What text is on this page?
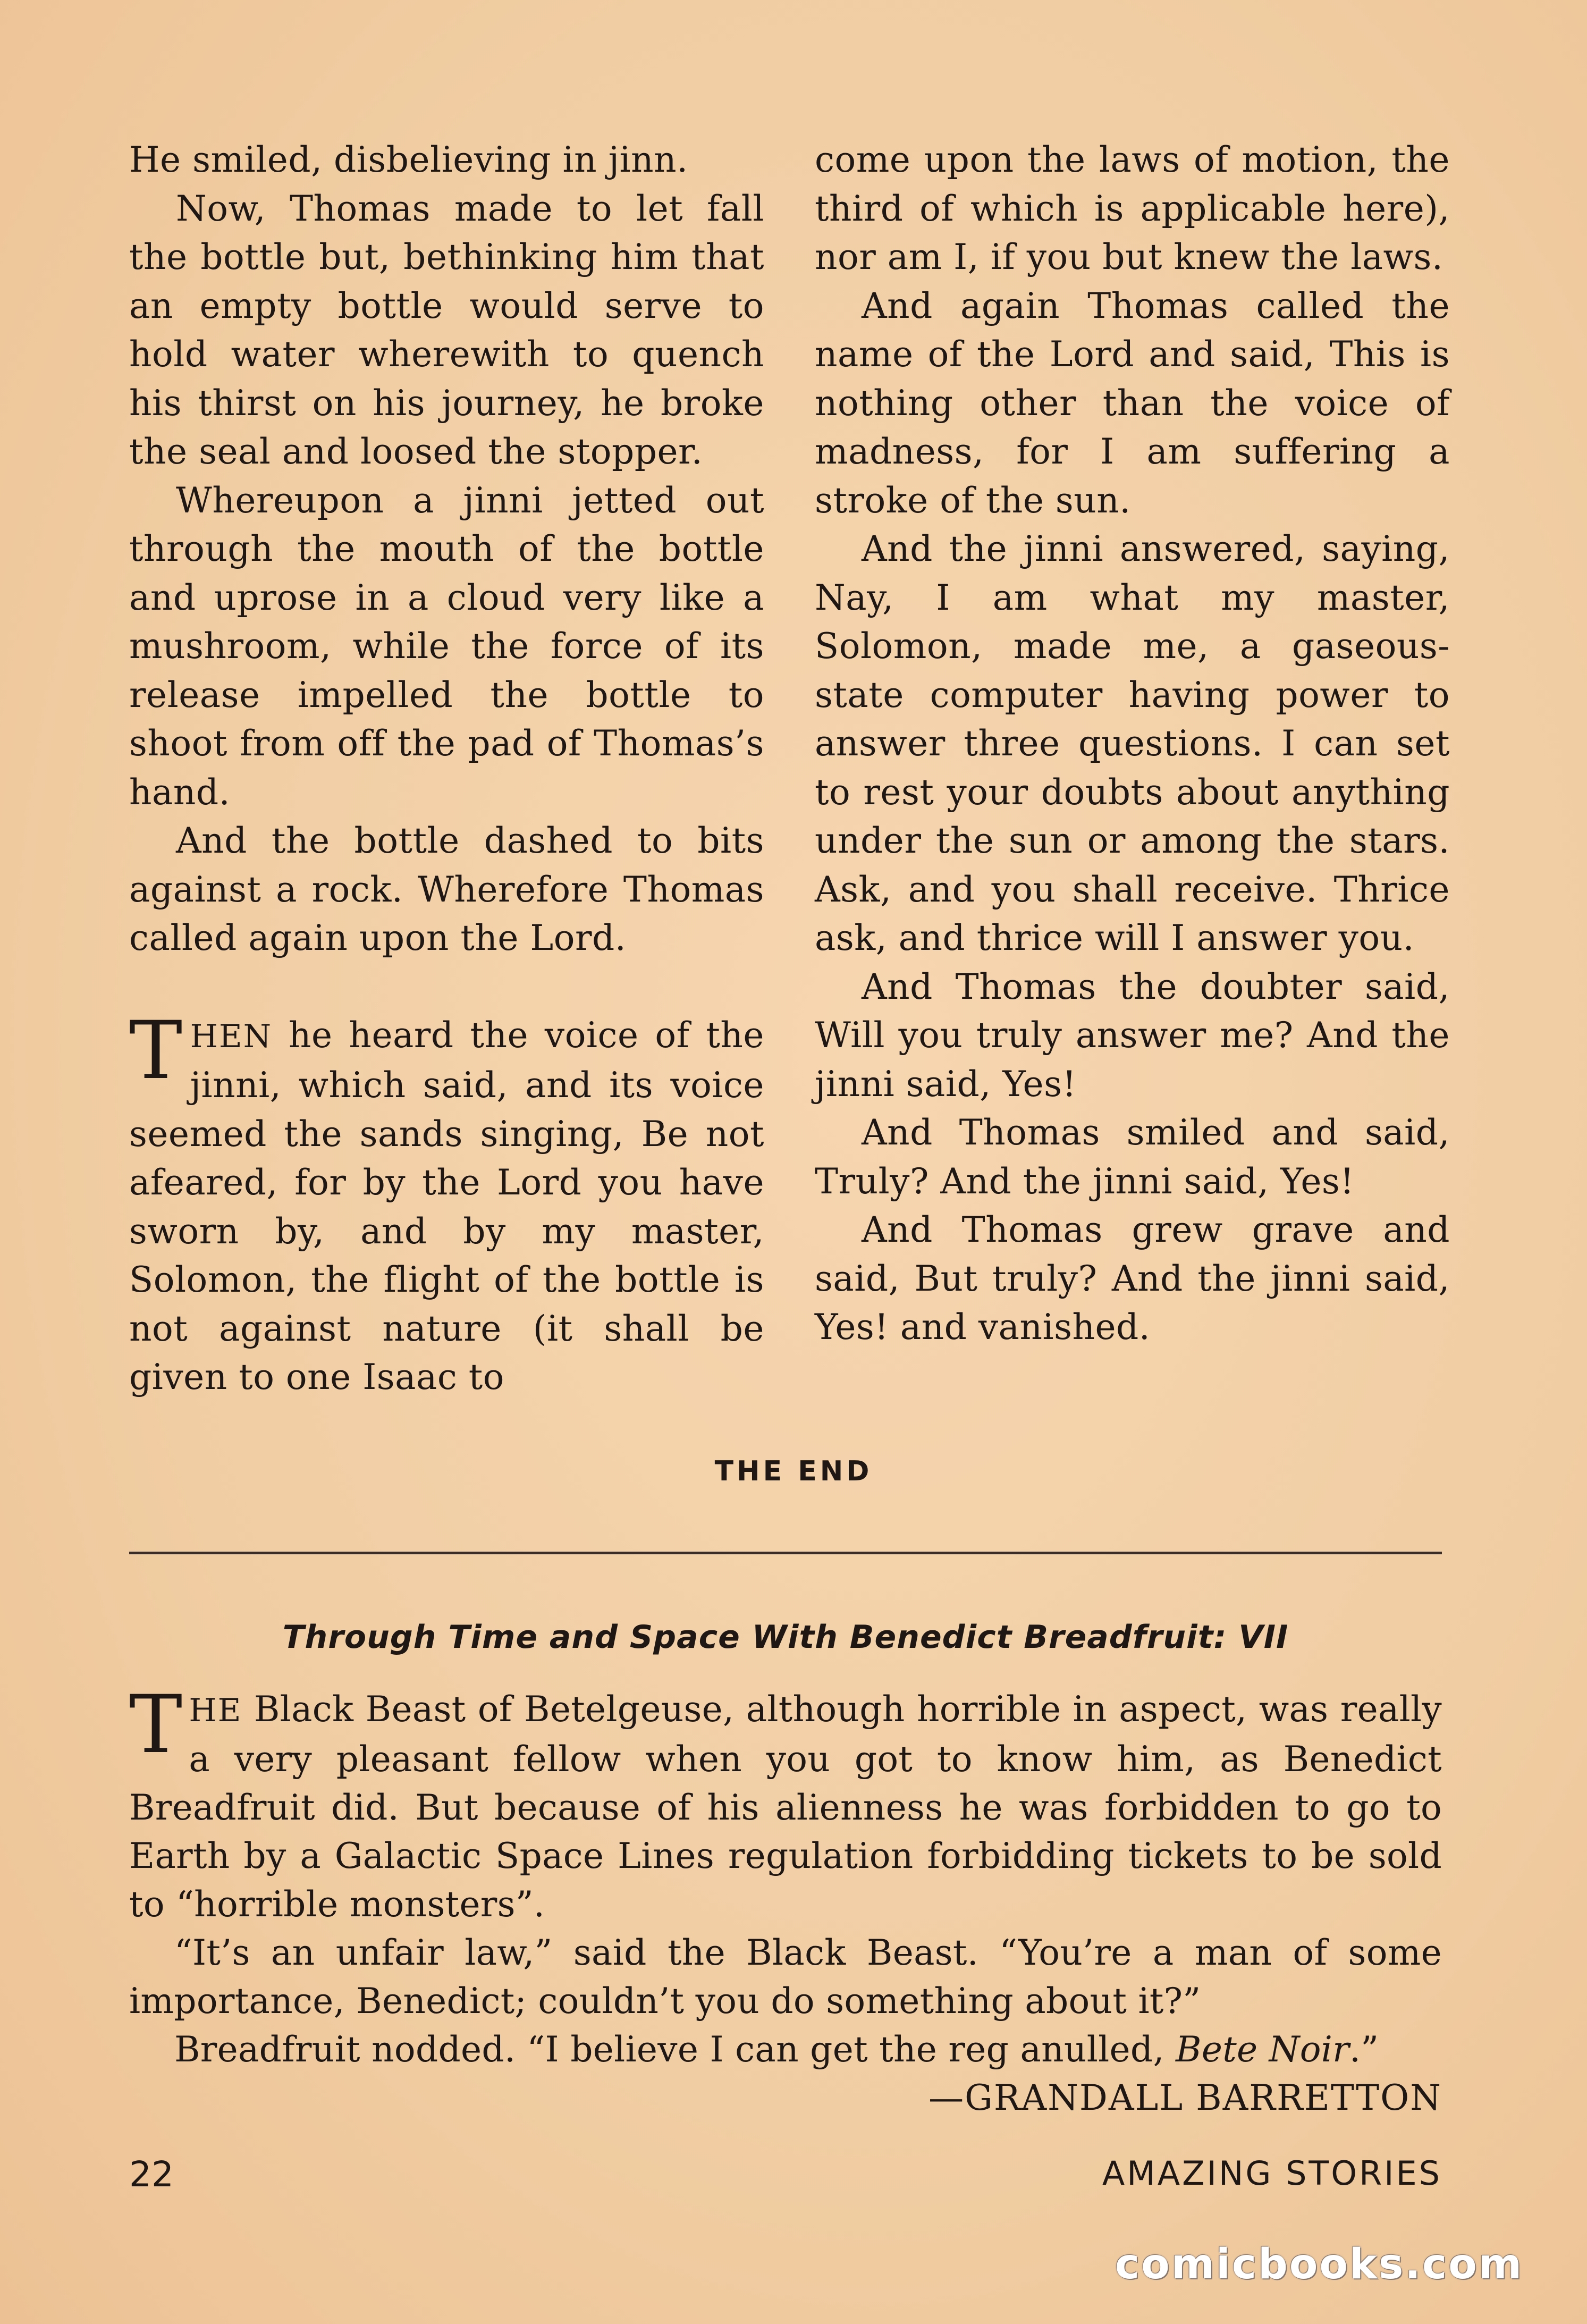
He smiled, disbelieving in jinn.

Now, Thomas made to let fall the bottle but, bethinking him that an empty bottle would serve to hold water wherewith to quench his thirst on his journey, he broke the seal and loosed the stopper.

Whereupon a jinni jetted out through the mouth of the bottle and uprose in a cloud very like a mushroom, while the force of its release impelled the bottle to shoot from off the pad of Thomas’s hand.

And the bottle dashed to bits against a rock. Wherefore Thomas called again upon the Lord.

THEN he heard the voice of the jinni, which said, and its voice seemed the sands singing, Be not afeared, for by the Lord you have sworn by, and by my master, Solomon, the flight of the bottle is not against nature (it shall be given to one Isaac to

come upon the laws of motion, the third of which is applicable here), nor am I, if you but knew the laws.

And again Thomas called the name of the Lord and said, This is nothing other than the voice of madness, for I am suffering a stroke of the sun.

And the jinni answered, saying, Nay, I am what my master, Solomon, made me, a gaseous-state computer having power to answer three questions. I can set to rest your doubts about anything under the sun or among the stars. Ask, and you shall receive. Thrice ask, and thrice will I answer you.

And Thomas the doubter said, Will you truly answer me? And the jinni said, Yes!

And Thomas smiled and said, Truly? And the jinni said, Yes!

And Thomas grew grave and said, But truly? And the jinni said, Yes! and vanished.

THE END
Through Time and Space With Benedict Breadfruit: VII

THE Black Beast of Betelgeuse, although horrible in aspect, was really a very pleasant fellow when you got to know him, as Benedict Breadfruit did. But because of his alienness he was forbidden to go to Earth by a Galactic Space Lines regulation forbidding tickets to be sold to “horrible monsters”.

“It’s an unfair law,” said the Black Beast. “You’re a man of some importance, Benedict; couldn’t you do something about it?”

Breadfruit nodded. “I believe I can get the reg anulled, Bete Noir.”

—GRANDALL BARRETTON

22	AMAZING STORIES
comicbooks.com
